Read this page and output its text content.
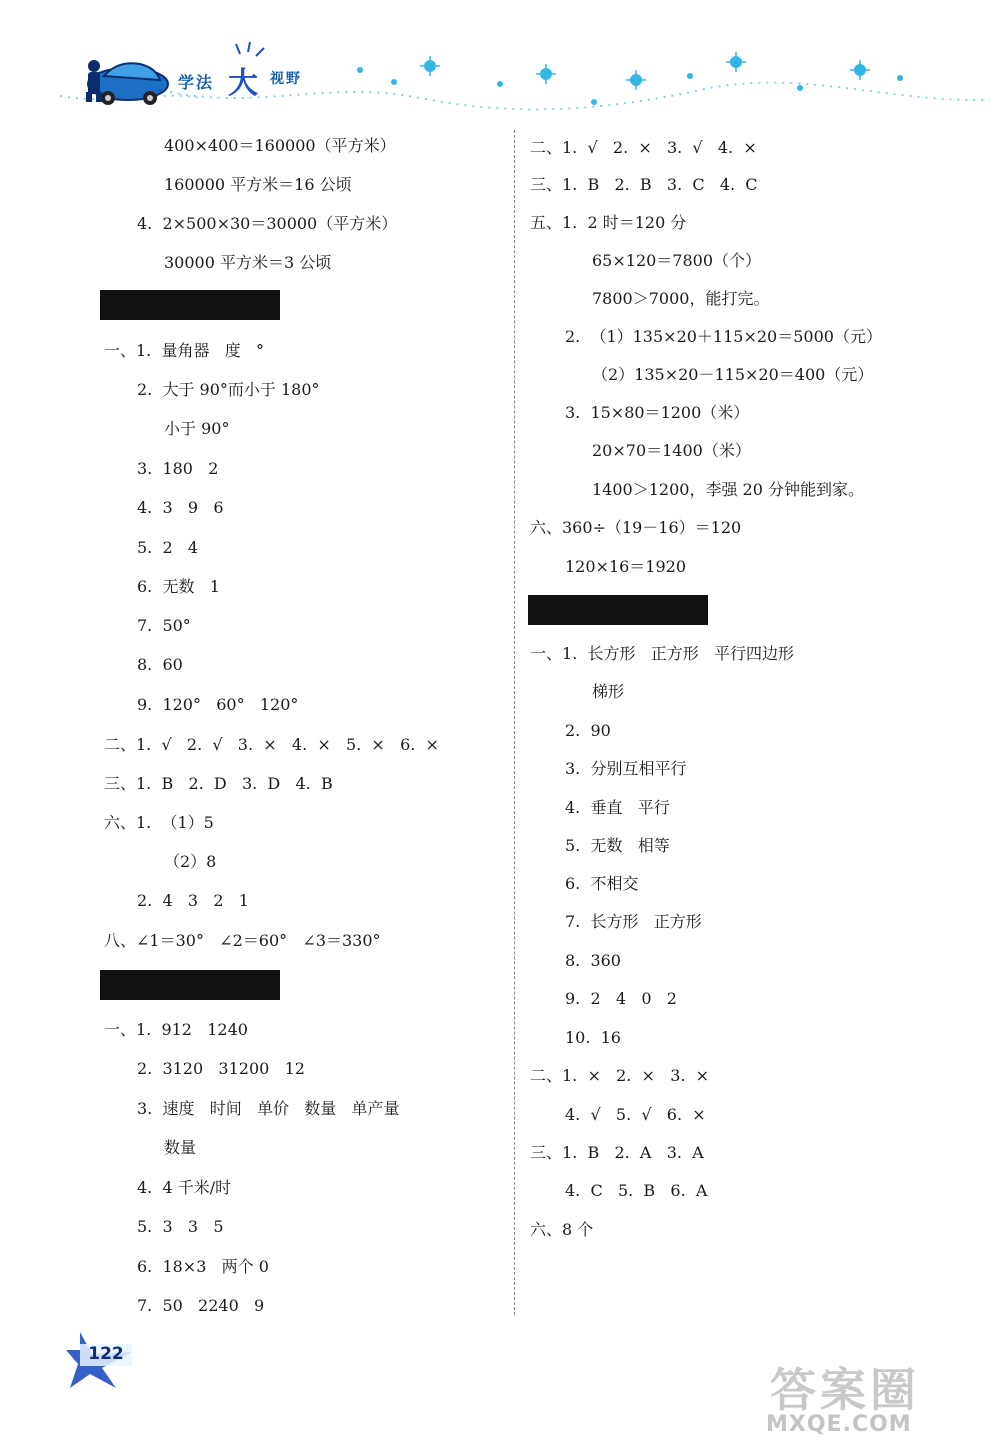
学 法 大 视 野
400×400＝160000（平方米）
160000 平方米＝16 公顷
4.  2×500×30＝30000（平方米）
30000 平方米＝3 公顷
一、1.  量角器   度   °
2.  大于 90°而小于 180°
小于 90°
3.  180   2
4.  3   9   6
5.  2   4
6.  无数   1
7.  50°
8.  60
9.  120°   60°   120°
二、1.  √   2.  √   3.  ×   4.  ×   5.  ×   6.  ×
三、1.  B   2.  D   3.  D   4.  B
六、1.  （1）5
（2）8
2.  4   3   2   1
八、∠1＝30°   ∠2＝60°   ∠3＝330°
一、1.  912   1240
2.  3120   31200   12
3.  速度   时间   单价   数量   单产量
数量
4.  4 千米/时
5.  3   3   5
6.  18×3   两个 0
7.  50   2240   9
二、1.  √   2.  ×   3.  √   4.  ×
三、1.  B   2.  B   3.  C   4.  C
五、1.  2 时＝120 分
65×120＝7800（个）
7800＞7000，能打完。
2.  （1）135×20＋115×20＝5000（元）
（2）135×20－115×20＝400（元）
3.  15×80＝1200（米）
20×70＝1400（米）
1400＞1200，李强 20 分钟能到家。
六、360÷（19－16）＝120
120×16＝1920
一、1.  长方形   正方形   平行四边形
梯形
2.  90
3.  分别互相平行
4.  垂直   平行
5.  无数   相等
6.  不相交
7.  长方形   正方形
8.  360
9.  2   4   0   2
10.  16
二、1.  ×   2.  ×   3.  ×
4.  √   5.  √   6.  ×
三、1.  B   2.  A   3.  A
4.  C   5.  B   6.  A
六、8 个
122
答案圈
MXQE.COM
